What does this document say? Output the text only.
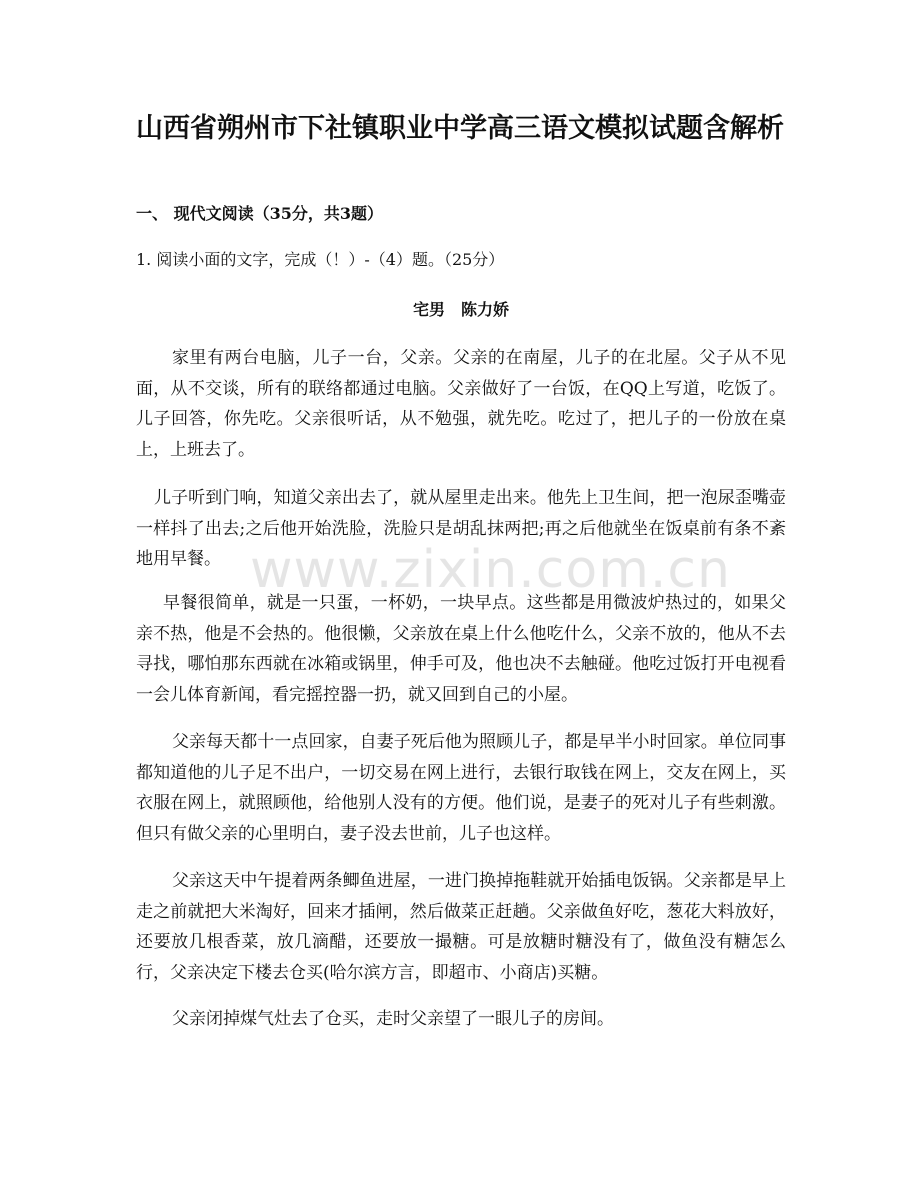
山西省朔州市下社镇职业中学高三语文模拟试题含解析

一、 现代文阅读（35分，共3题）

1. 阅读小面的文字，完成（！）-（4）题。（25分）

宅男　陈力娇

家里有两台电脑，儿子一台，父亲。父亲的在南屋，儿子的在北屋。父子从不见面，从不交谈，所有的联络都通过电脑。父亲做好了一台饭，在QQ上写道，吃饭了。儿子回答，你先吃。父亲很听话，从不勉强，就先吃。吃过了，把儿子的一份放在桌上，上班去了。

儿子听到门响，知道父亲出去了，就从屋里走出来。他先上卫生间，把一泡尿歪嘴壶一样抖了出去;之后他开始洗脸，洗脸只是胡乱抹两把;再之后他就坐在饭桌前有条不紊地用早餐。

早餐很简单，就是一只蛋，一杯奶，一块早点。这些都是用微波炉热过的，如果父亲不热，他是不会热的。他很懒，父亲放在桌上什么他吃什么，父亲不放的，他从不去寻找，哪怕那东西就在冰箱或锅里，伸手可及，他也决不去触碰。他吃过饭打开电视看一会儿体育新闻，看完摇控器一扔，就又回到自己的小屋。

父亲每天都十一点回家，自妻子死后他为照顾儿子，都是早半小时回家。单位同事都知道他的儿子足不出户，一切交易在网上进行，去银行取钱在网上，交友在网上，买衣服在网上，就照顾他，给他别人没有的方便。他们说，是妻子的死对儿子有些刺激。但只有做父亲的心里明白，妻子没去世前，儿子也这样。

父亲这天中午提着两条鲫鱼进屋，一进门换掉拖鞋就开始插电饭锅。父亲都是早上走之前就把大米淘好，回来才插闸，然后做菜正赶趟。父亲做鱼好吃，葱花大料放好，还要放几根香菜，放几滴醋，还要放一撮糖。可是放糖时糖没有了，做鱼没有糖怎么行，父亲决定下楼去仓买(哈尔滨方言，即超市、小商店)买糖。

父亲闭掉煤气灶去了仓买，走时父亲望了一眼儿子的房间。

www.zixin.com.cn
